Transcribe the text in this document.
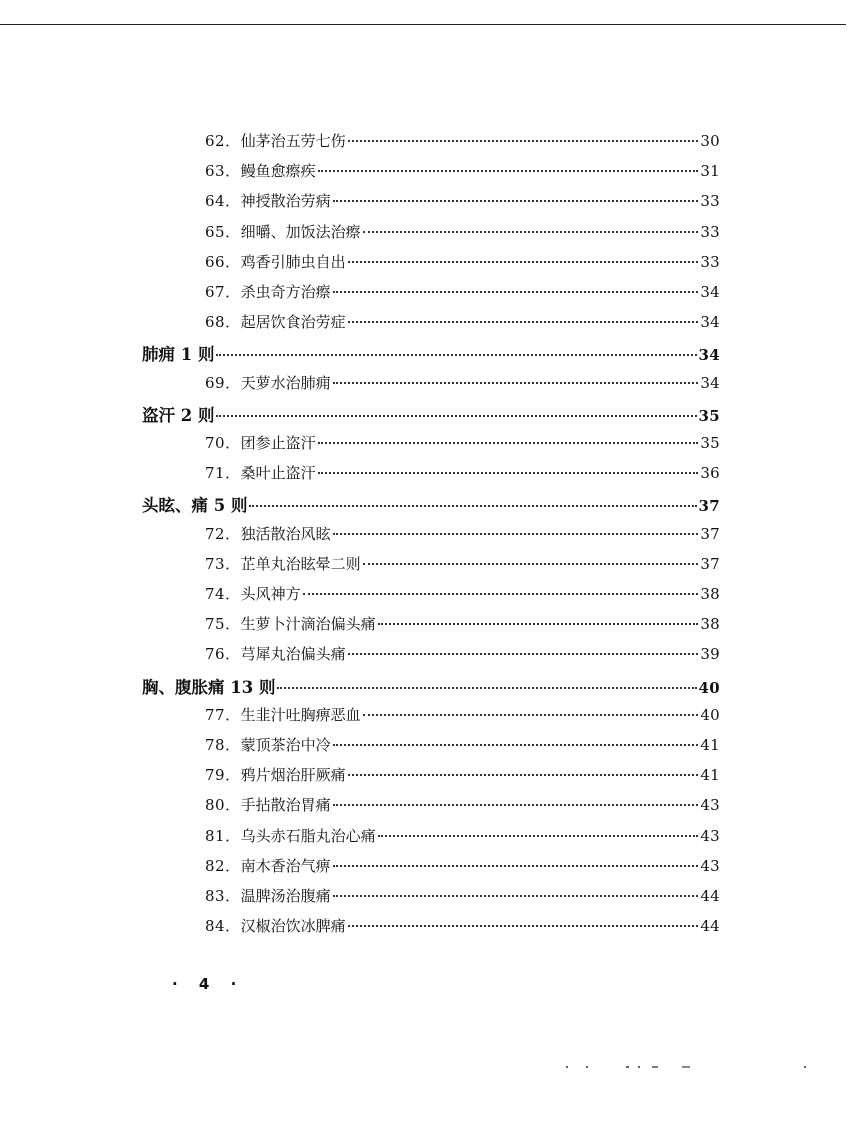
62． 仙茅治五劳七伤	30
63． 鳗鱼愈瘵疾	31
64． 神授散治劳病	33
65． 细嚼、加饭法治瘵	33
66． 鸡香引肺虫自出	33
67． 杀虫奇方治瘵	34
68． 起居饮食治劳症	34
肺痈 1 则	34
69． 天萝水治肺痈	34
盗汗 2 则	35
70． 团参止盗汗	35
71． 桑叶止盗汗	36
头眩、痛 5 则	37
72． 独活散治风眩	37
73． 芷单丸治眩晕二则	37
74． 头风神方	38
75． 生萝卜汁滴治偏头痛	38
76． 芎犀丸治偏头痛	39
胸、腹胀痛 13 则	40
77． 生韭汁吐胸痹恶血	40
78． 蒙顶茶治中冷	41
79． 鸦片烟治肝厥痛	41
80． 手拈散治胃痛	43
81． 乌头赤石脂丸治心痛	43
82． 南木香治气痹	43
83． 温脾汤治腹痛	44
84． 汉椒治饮冰脾痛	44
· 4 ·
